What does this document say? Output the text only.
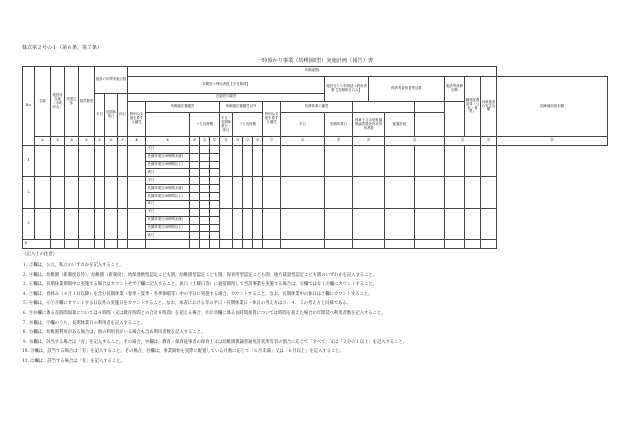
様式第２号の１（第６条，第７条）
一時預かり事業（幼稚園Ⅰ型）実施計画（報告）書
No.	名称	施設所在地（市町村名）	設置主体	施設類型	施設の年間実施日数			幼稚園型Ⅰ																			
								年間延べ利用者数【平日換算】											施設当たり年間延べ利用者数【長期休日のみ】		保育有資格者等加算			施設等改修加算	職員配置加算（公私・事業）	対象施設の実支出額	国庫補助基本額
					平日	長期休業日	休日	在園児の園児																			
								特別な支援を要する園児	幼稚園在籍園児				幼稚園在籍園児以外				特別な支援を要する園児	長期休業の園児									
										うち長時間			平日・長期休業日・休日	うち長時間				平日	長期休業日	保育士又は幼稚園教諭普通免許状所有者数		配置計画					
	①	②	③	④	⑤	⑥	⑦	⑧	⑨	⑩	⑪	⑫	⑬	⑭	⑮	⑯	⑰	⑱	⑲	⑳		㉑		㉒		㉓	㉔
1									平日																		
									長期休業日(8時間未満)																		
									長期休業日(8時間以上)																		
									休日																		
2									平日																		
									長期休業日(8時間未満)																		
									長期休業日(8時間以上)																		
									休日																		
3									平日																		
									長期休業日(8時間未満)																		
									長期休業日(8時間以上)																		
									休日																		
計																											
（記入上の注意）
１. ②欄は，公立，私立のいずれかを記入すること。
２. ④欄は，幼稚園（新制度以外），幼稚園（新制度），幼保連携型認定こども園，幼稚園型認定こども園，保育所型認定こども園，地方裁量型認定こども園のいずれかを記入すること。
３. ⑥欄は，長期休業期間中に実施する場合はカウントせず⑦欄に記入すること。休日（土曜日等）に通常開所して当該事業を実施する場合は，⑥欄ではなく⑧欄にカウントすること。
４. ⑦欄は，春休み（４月１日以降）を含む長期休業（春季・夏季・冬季休暇等）中の平日に実施する場合，カウントすること。なお，長期休業中の休日は⑦欄にカウントすること。
５. ⑥欄は，⑥⑦⑧欄にカウントする日以外の実施日をカウントすること。なお，本表における年の平日・長期休業日・休日の考え方は３．４．５の考え方と同様である。
６. ⑨⑩欄に係る長時間加算については４時間（又は教育時間との合計８時間）を超える場合，⑪⑫⑬欄に係る長時間加算については時間を超えた場合の年間延べ利用者数を記入すること。
７. ⑭欄は，⑨欄のうち，長期休業日の利用者を記入すること。
８. ⑮欄は，幼稚園利用がある場合は，他の利用者がいる場合も含め利用者数を記入すること。
９. ⑯欄は，該当する場合は「有」を記入すること。その場合，⑭欄は，教育・保育従事者の保育士又は幼稚園教諭普通免許状所有者の割合に応じて「すべて」又は「２分の１以上」を記入すること。
10. ㉑欄は，該当する場合は「有」を記入すること。その場合，⑲欄は，事業開始を実際に配置している月数に応じて「６月未満」又は「６月以上」を記入すること。
11. ㉒欄は，該当する場合は「有」を記入すること。
